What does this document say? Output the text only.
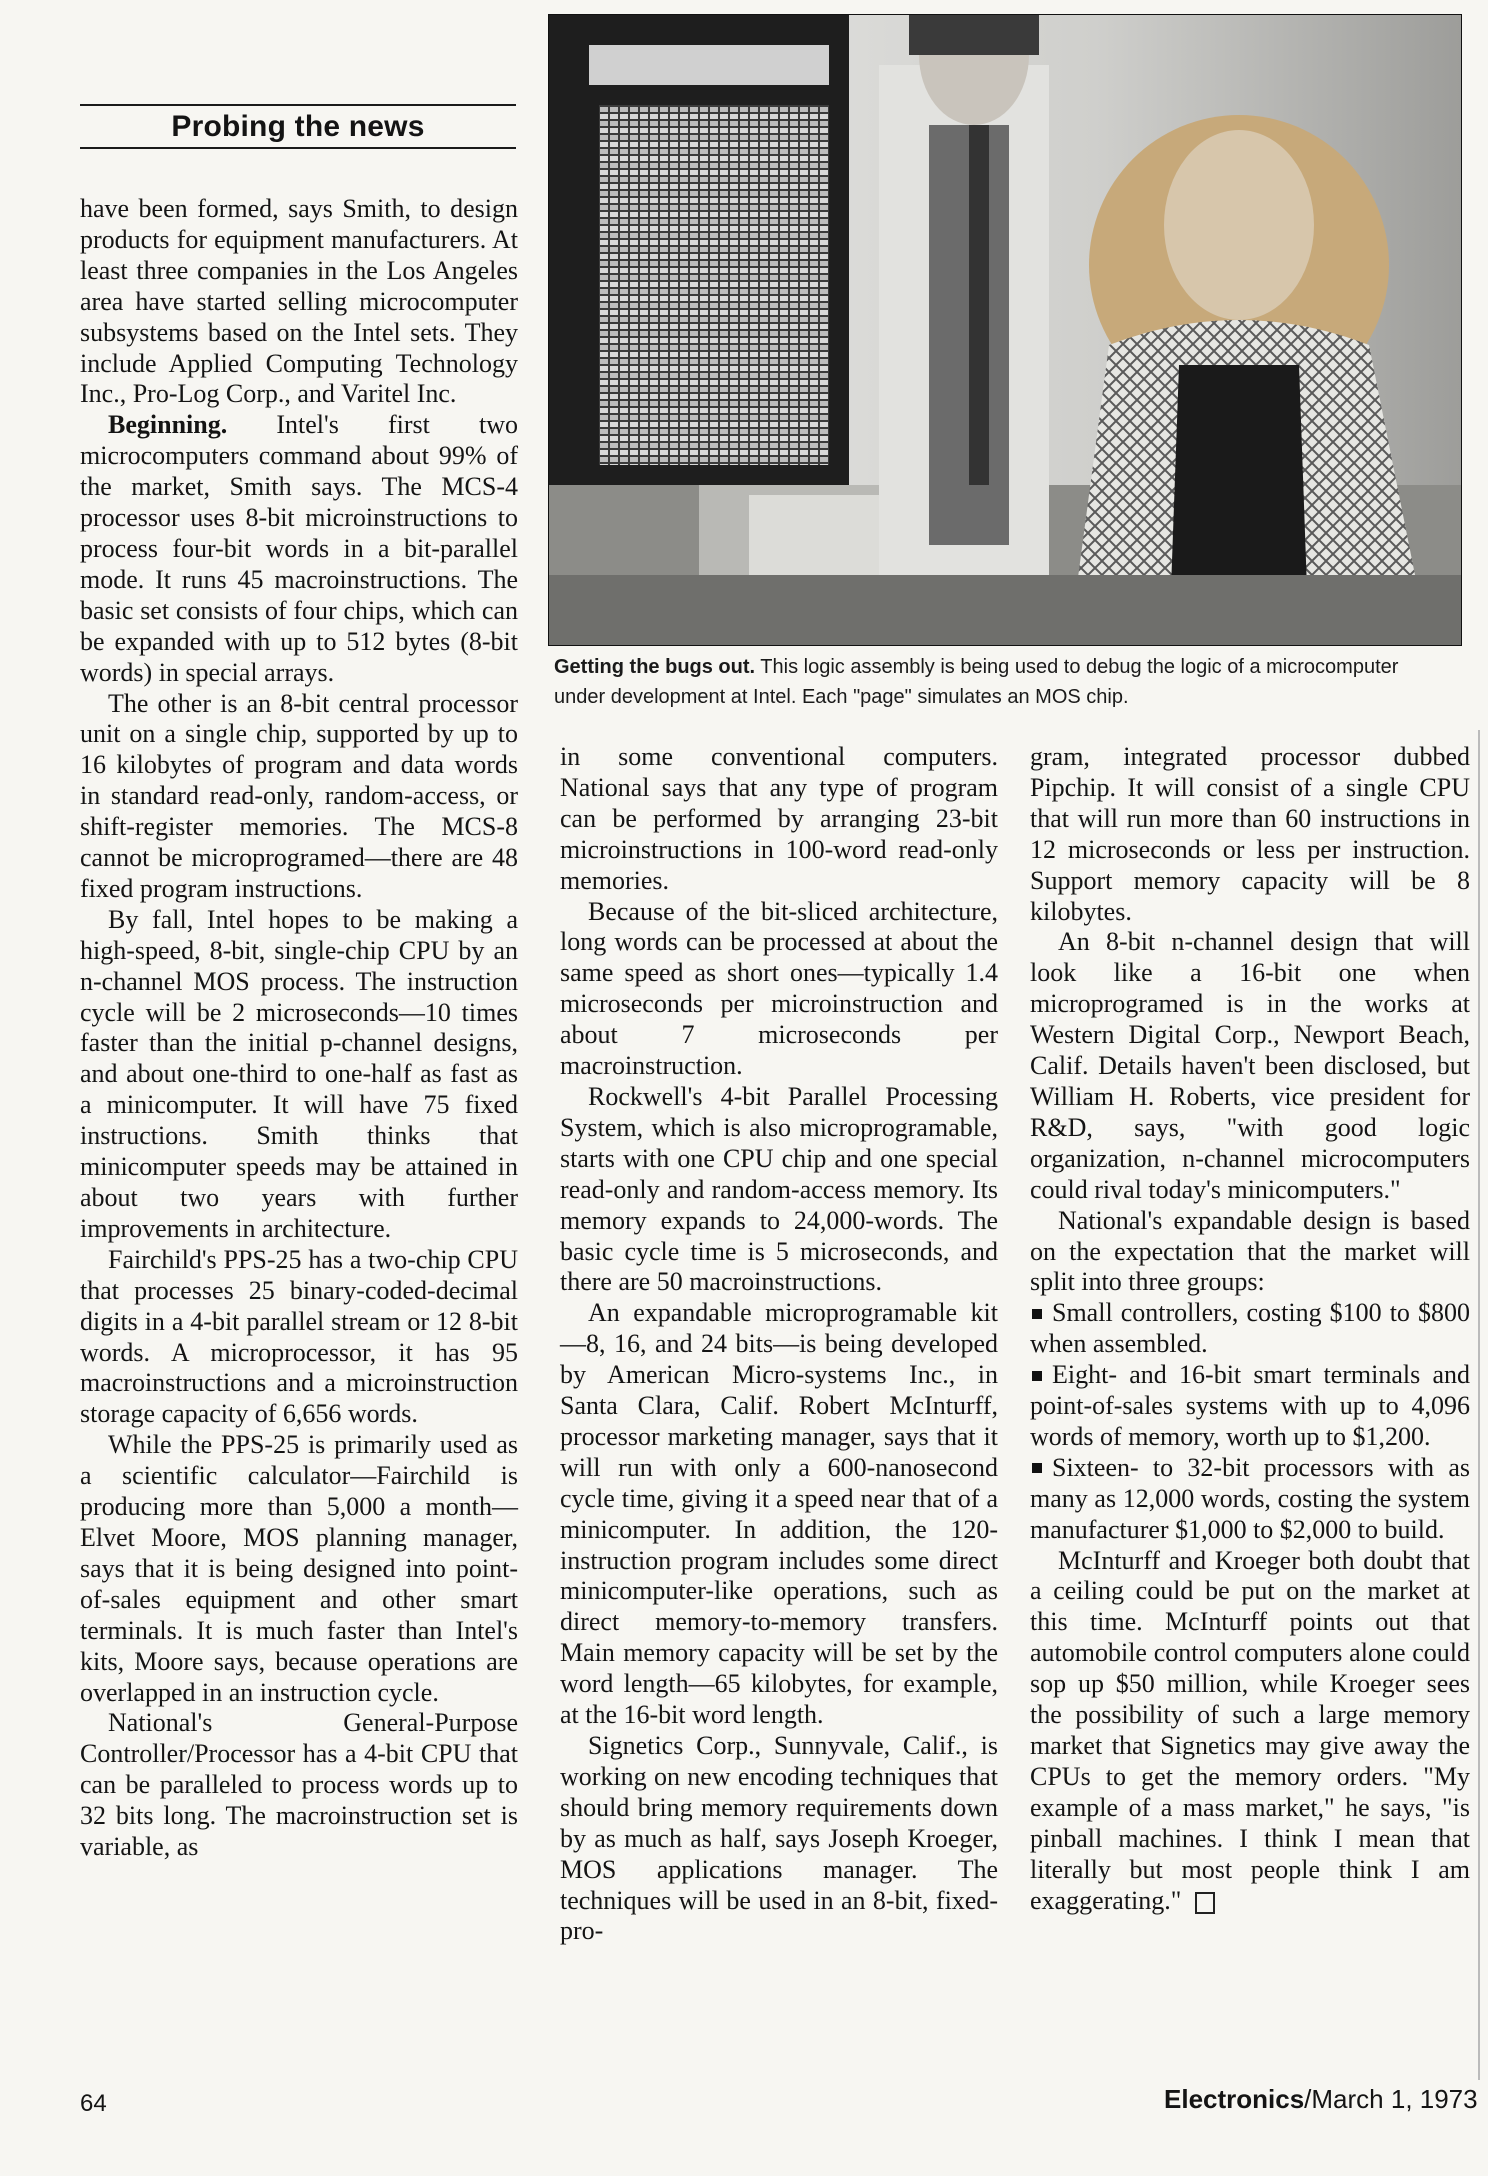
Probing the news

have been formed, says Smith, to design products for equipment manufacturers. At least three companies in the Los Angeles area have started selling microcomputer subsystems based on the Intel sets. They include Applied Computing Technology Inc., Pro-Log Corp., and Varitel Inc.

Beginning. Intel's first two microcomputers command about 99% of the market, Smith says. The MCS-4 processor uses 8-bit microinstructions to process four-bit words in a bit-parallel mode. It runs 45 macroinstructions. The basic set consists of four chips, which can be expanded with up to 512 bytes (8-bit words) in special arrays.

The other is an 8-bit central processor unit on a single chip, supported by up to 16 kilobytes of program and data words in standard read-only, random-access, or shift-register memories. The MCS-8 cannot be microprogramed—there are 48 fixed program instructions.

By fall, Intel hopes to be making a high-speed, 8-bit, single-chip CPU by an n-channel MOS process. The instruction cycle will be 2 microseconds—10 times faster than the initial p-channel designs, and about one-third to one-half as fast as a minicomputer. It will have 75 fixed instructions. Smith thinks that minicomputer speeds may be attained in about two years with further improvements in architecture.

Fairchild's PPS-25 has a two-chip CPU that processes 25 binary-coded-decimal digits in a 4-bit parallel stream or 12 8-bit words. A microprocessor, it has 95 macroinstructions and a microinstruction storage capacity of 6,656 words.

While the PPS-25 is primarily used as a scientific calculator—Fairchild is producing more than 5,000 a month—Elvet Moore, MOS planning manager, says that it is being designed into point-of-sales equipment and other smart terminals. It is much faster than Intel's kits, Moore says, because operations are overlapped in an instruction cycle.

National's General-Purpose Controller/Processor has a 4-bit CPU that can be paralleled to process words up to 32 bits long. The macroinstruction set is variable, as

Getting the bugs out. This logic assembly is being used to debug the logic of a microcomputer under development at Intel. Each "page" simulates an MOS chip.

in some conventional computers. National says that any type of program can be performed by arranging 23-bit microinstructions in 100-word read-only memories.

Because of the bit-sliced architecture, long words can be processed at about the same speed as short ones—typically 1.4 microseconds per microinstruction and about 7 microseconds per macroinstruction.

Rockwell's 4-bit Parallel Processing System, which is also microprogramable, starts with one CPU chip and one special read-only and random-access memory. Its memory expands to 24,000-words. The basic cycle time is 5 microseconds, and there are 50 macroinstructions.

An expandable microprogramable kit—8, 16, and 24 bits—is being developed by American Micro-systems Inc., in Santa Clara, Calif. Robert McInturff, processor marketing manager, says that it will run with only a 600-nanosecond cycle time, giving it a speed near that of a minicomputer. In addition, the 120-instruction program includes some direct minicomputer-like operations, such as direct memory-to-memory transfers. Main memory capacity will be set by the word length—65 kilobytes, for example, at the 16-bit word length.

Signetics Corp., Sunnyvale, Calif., is working on new encoding techniques that should bring memory requirements down by as much as half, says Joseph Kroeger, MOS applications manager. The techniques will be used in an 8-bit, fixed-pro-

gram, integrated processor dubbed Pipchip. It will consist of a single CPU that will run more than 60 instructions in 12 microseconds or less per instruction. Support memory capacity will be 8 kilobytes.

An 8-bit n-channel design that will look like a 16-bit one when microprogramed is in the works at Western Digital Corp., Newport Beach, Calif. Details haven't been disclosed, but William H. Roberts, vice president for R&D, says, "with good logic organization, n-channel microcomputers could rival today's minicomputers."

National's expandable design is based on the expectation that the market will split into three groups:

Small controllers, costing $100 to $800 when assembled.

Eight- and 16-bit smart terminals and point-of-sales systems with up to 4,096 words of memory, worth up to $1,200.

Sixteen- to 32-bit processors with as many as 12,000 words, costing the system manufacturer $1,000 to $2,000 to build.

McInturff and Kroeger both doubt that a ceiling could be put on the market at this time. McInturff points out that automobile control computers alone could sop up $50 million, while Kroeger sees the possibility of such a large memory market that Signetics may give away the CPUs to get the memory orders. "My example of a mass market," he says, "is pinball machines. I think I mean that literally but most people think I am exaggerating."

64	Electronics/March 1, 1973
